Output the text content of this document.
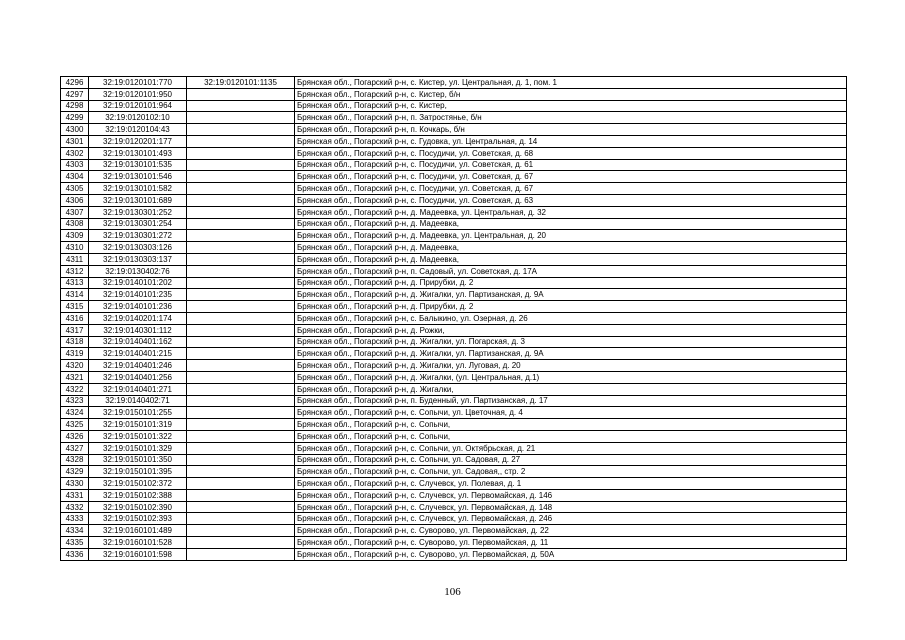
4296	32:19:0120101:770	32:19:0120101:1135	Брянская обл., Погарский р-н, с. Кистер, ул. Центральная, д. 1, пом. 1
4297	32:19:0120101:950		Брянская обл., Погарский р-н, с. Кистер, б/н
4298	32:19:0120101:964		Брянская обл., Погарский р-н, с. Кистер,
4299	32:19:0120102:10		Брянская обл., Погарский р-н, п. Затростянье, б/н
4300	32:19:0120104:43		Брянская обл., Погарский р-н, п. Кочкарь, б/н
4301	32:19:0120201:177		Брянская обл., Погарский р-н, с. Гудовка, ул. Центральная, д. 14
4302	32:19:0130101:493		Брянская обл., Погарский р-н, с. Посудичи, ул. Советская, д. 68
4303	32:19:0130101:535		Брянская обл., Погарский р-н, с. Посудичи, ул. Советская, д. 61
4304	32:19:0130101:546		Брянская обл., Погарский р-н, с. Посудичи, ул. Советская, д. 67
4305	32:19:0130101:582		Брянская обл., Погарский р-н, с. Посудичи, ул. Советская, д. 67
4306	32:19:0130101:689		Брянская обл., Погарский р-н, с. Посудичи, ул. Советская, д. 63
4307	32:19:0130301:252		Брянская обл., Погарский р-н, д. Мадеевка, ул. Центральная, д. 32
4308	32:19:0130301:254		Брянская обл., Погарский р-н, д. Мадеевка,
4309	32:19:0130301:272		Брянская обл., Погарский р-н, д. Мадеевка, ул. Центральная, д. 20
4310	32:19:0130303:126		Брянская обл., Погарский р-н, д. Мадеевка,
4311	32:19:0130303:137		Брянская обл., Погарский р-н, д. Мадеевка,
4312	32:19:0130402:76		Брянская обл., Погарский р-н, п. Садовый, ул. Советская, д. 17А
4313	32:19:0140101:202		Брянская обл., Погарский р-н, д. Прирубки, д. 2
4314	32:19:0140101:235		Брянская обл., Погарский р-н, д. Жигалки, ул. Партизанская, д. 9А
4315	32:19:0140101:236		Брянская обл., Погарский р-н, д. Прирубки, д. 2
4316	32:19:0140201:174		Брянская обл., Погарский р-н, с. Балыкино, ул. Озерная, д. 26
4317	32:19:0140301:112		Брянская обл., Погарский р-н, д. Рожки,
4318	32:19:0140401:162		Брянская обл., Погарский р-н, д. Жигалки, ул. Погарская, д. 3
4319	32:19:0140401:215		Брянская обл., Погарский р-н, д. Жигалки, ул. Партизанская, д. 9А
4320	32:19:0140401:246		Брянская обл., Погарский р-н, д. Жигалки, ул. Луговая, д. 20
4321	32:19:0140401:256		Брянская обл., Погарский р-н, д. Жигалки, (ул. Центральная, д.1)
4322	32:19:0140401:271		Брянская обл., Погарский р-н, д. Жигалки,
4323	32:19:0140402:71		Брянская обл., Погарский р-н, п. Буденный, ул. Партизанская, д. 17
4324	32:19:0150101:255		Брянская обл., Погарский р-н, с. Сопычи, ул. Цветочная, д. 4
4325	32:19:0150101:319		Брянская обл., Погарский р-н, с. Сопычи,
4326	32:19:0150101:322		Брянская обл., Погарский р-н, с. Сопычи,
4327	32:19:0150101:329		Брянская обл., Погарский р-н, с. Сопычи, ул. Октябрьская, д. 21
4328	32:19:0150101:350		Брянская обл., Погарский р-н, с. Сопычи, ул. Садовая, д. 27
4329	32:19:0150101:395		Брянская обл., Погарский р-н, с. Сопычи, ул. Садовая,, стр. 2
4330	32:19:0150102:372		Брянская обл., Погарский р-н, с. Случевск, ул. Полевая, д. 1
4331	32:19:0150102:388		Брянская обл., Погарский р-н, с. Случевск, ул. Первомайская, д. 146
4332	32:19:0150102:390		Брянская обл., Погарский р-н, с. Случевск, ул. Первомайская, д. 148
4333	32:19:0150102:393		Брянская обл., Погарский р-н, с. Случевск, ул. Первомайская, д. 246
4334	32:19:0160101:489		Брянская обл., Погарский р-н, с. Суворово, ул. Первомайская, д. 22
4335	32:19:0160101:528		Брянская обл., Погарский р-н, с. Суворово, ул. Первомайская, д. 11
4336	32:19:0160101:598		Брянская обл., Погарский р-н, с. Суворово, ул. Первомайская, д. 50А
106
